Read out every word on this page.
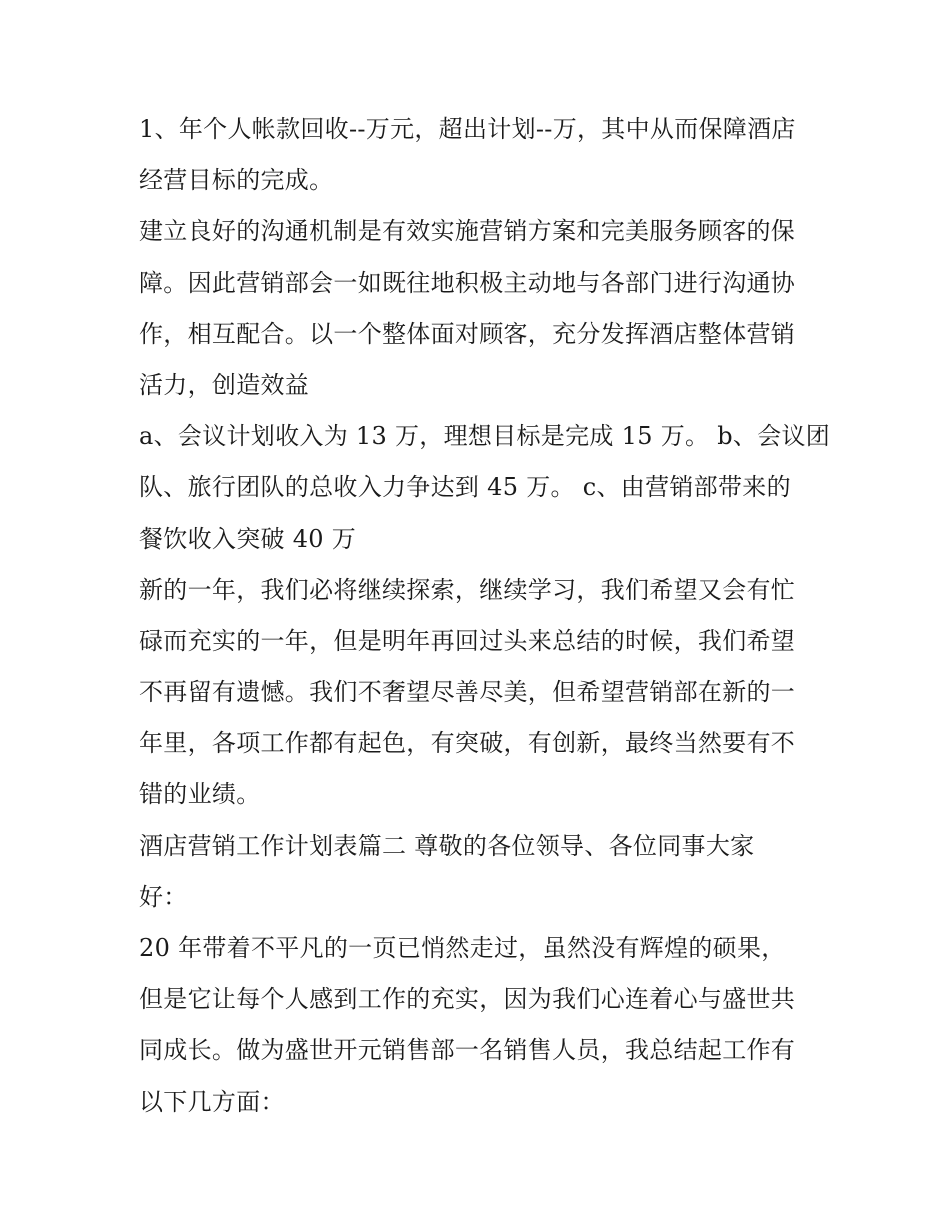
1、年个人帐款回收--万元，超出计划--万，其中从而保障酒店
经营目标的完成。
建立良好的沟通机制是有效实施营销方案和完美服务顾客的保
障。因此营销部会一如既往地积极主动地与各部门进行沟通协
作，相互配合。以一个整体面对顾客，充分发挥酒店整体营销
活力，创造效益
a、会议计划收入为 13 万，理想目标是完成 15 万。 b、会议团
队、旅行团队的总收入力争达到 45 万。 c、由营销部带来的
餐饮收入突破 40 万
新的一年，我们必将继续探索，继续学习，我们希望又会有忙
碌而充实的一年，但是明年再回过头来总结的时候，我们希望
不再留有遗憾。我们不奢望尽善尽美，但希望营销部在新的一
年里，各项工作都有起色，有突破，有创新，最终当然要有不
错的业绩。
酒店营销工作计划表篇二 尊敬的各位领导、各位同事大家
好：
20 年带着不平凡的一页已悄然走过，虽然没有辉煌的硕果，
但是它让每个人感到工作的充实，因为我们心连着心与盛世共
同成长。做为盛世开元销售部一名销售人员，我总结起工作有
以下几方面：
